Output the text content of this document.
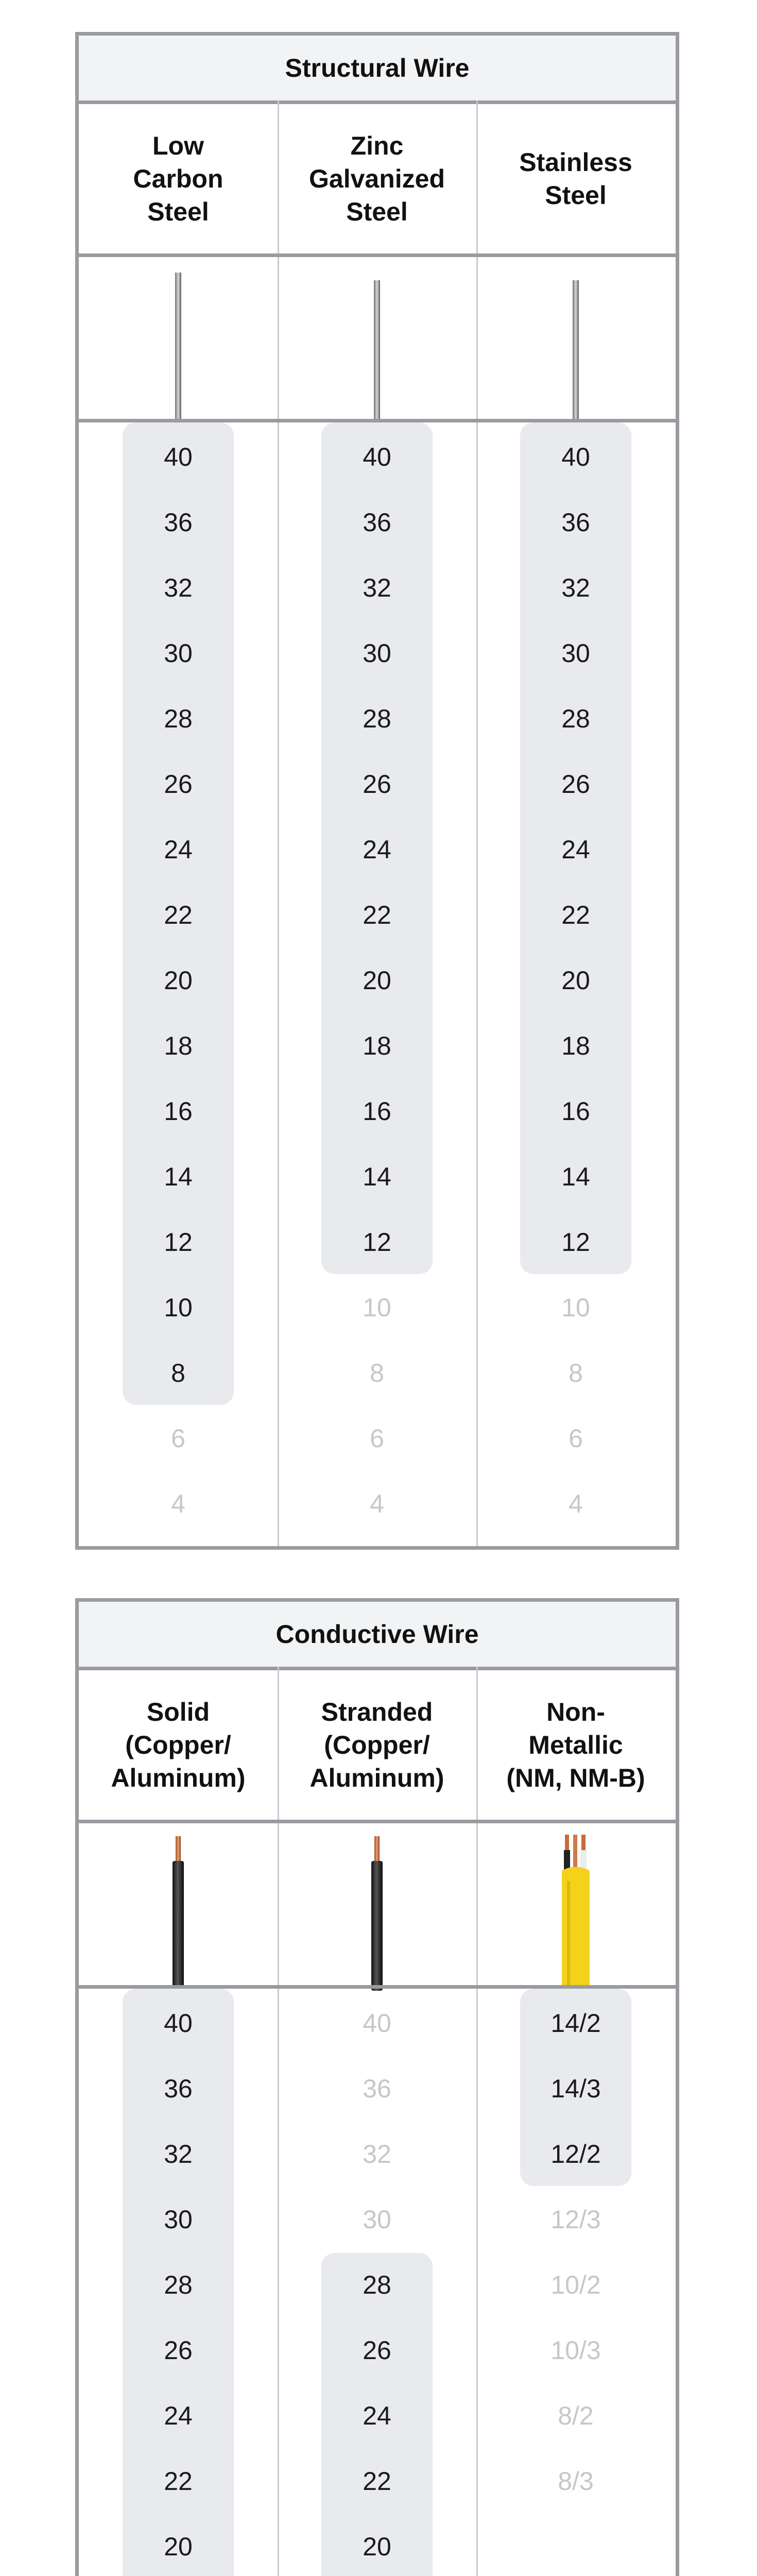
Structural Wire
Low
Carbon
Steel
Zinc
Galvanized
Steel
Stainless
Steel
40
36
32
30
28
26
24
22
20
18
16
14
12
10
8
6
4
40
36
32
30
28
26
24
22
20
18
16
14
12
10
8
6
4
40
36
32
30
28
26
24
22
20
18
16
14
12
10
8
6
4
Conductive Wire
Solid
(Copper/
Aluminum)
Stranded
(Copper/
Aluminum)
Non-
Metallic
(NM, NM-B)
40
36
32
30
28
26
24
22
20
40
36
32
30
28
26
24
22
20
14/2
14/3
12/2
12/3
10/2
10/3
8/2
8/3
